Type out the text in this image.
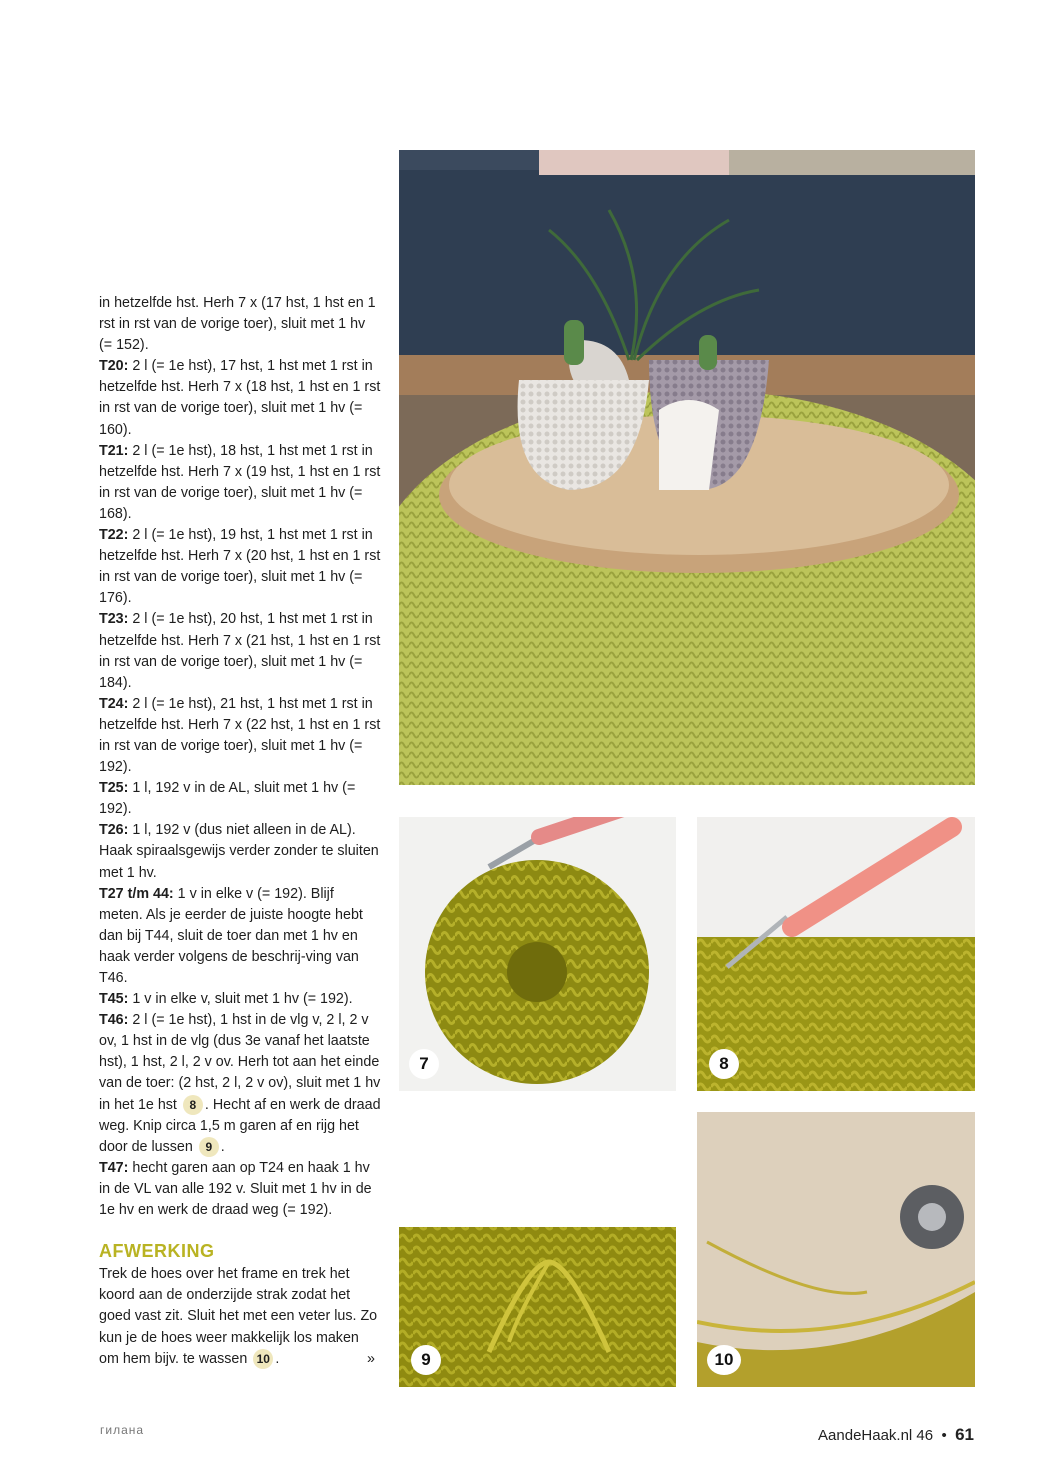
in hetzelfde hst. Herh 7 x (17 hst, 1 hst en 1 rst in rst van de vorige toer), sluit met 1 hv (= 152).

T20: 2 l (= 1e hst), 17 hst, 1 hst met 1 rst in hetzelfde hst. Herh 7 x (18 hst, 1 hst en 1 rst in rst van de vorige toer), sluit met 1 hv (= 160).

T21: 2 l (= 1e hst), 18 hst, 1 hst met 1 rst in hetzelfde hst. Herh 7 x (19 hst, 1 hst en 1 rst in rst van de vorige toer), sluit met 1 hv (= 168).

T22: 2 l (= 1e hst), 19 hst, 1 hst met 1 rst in hetzelfde hst. Herh 7 x (20 hst, 1 hst en 1 rst in rst van de vorige toer), sluit met 1 hv (= 176).

T23: 2 l (= 1e hst), 20 hst, 1 hst met 1 rst in hetzelfde hst. Herh 7 x (21 hst, 1 hst en 1 rst in rst van de vorige toer), sluit met 1 hv (= 184).

T24: 2 l (= 1e hst), 21 hst, 1 hst met 1 rst in hetzelfde hst. Herh 7 x (22 hst, 1 hst en 1 rst in rst van de vorige toer), sluit met 1 hv (= 192).

T25: 1 l, 192 v in de AL, sluit met 1 hv (= 192).

T26: 1 l, 192 v (dus niet alleen in de AL). Haak spiraalsgewijs verder zonder te sluiten met 1 hv.

T27 t/m 44: 1 v in elke v (= 192). Blijf meten. Als je eerder de juiste hoogte hebt dan bij T44, sluit de toer dan met 1 hv en haak verder volgens de beschrij-ving van T46.

T45: 1 v in elke v, sluit met 1 hv (= 192).

T46: 2 l (= 1e hst), 1 hst in de vlg v, 2 l, 2 v ov, 1 hst in de vlg (dus 3e vanaf het laatste hst), 1 hst, 2 l, 2 v ov. Herh tot aan het einde van de toer: (2 hst, 2 l, 2 v ov), sluit met 1 hv in het 1e hst 8 . Hecht af en werk de draad weg. Knip circa 1,5 m garen af en rijg het door de lussen 9 .

T47: hecht garen aan op T24 en haak 1 hv in de VL van alle 192 v. Sluit met 1 hv in de 1e hv en werk de draad weg (= 192).

AFWERKING

Trek de hoes over het frame en trek het koord aan de onderzijde strak zodat het goed vast zit. Sluit het met een veter lus. Zo kun je de hoes weer makkelijk los maken om hem bijv. te wassen 10 .	»

7	8
9	10
гилана	AandeHaak.nl 46 • 61
